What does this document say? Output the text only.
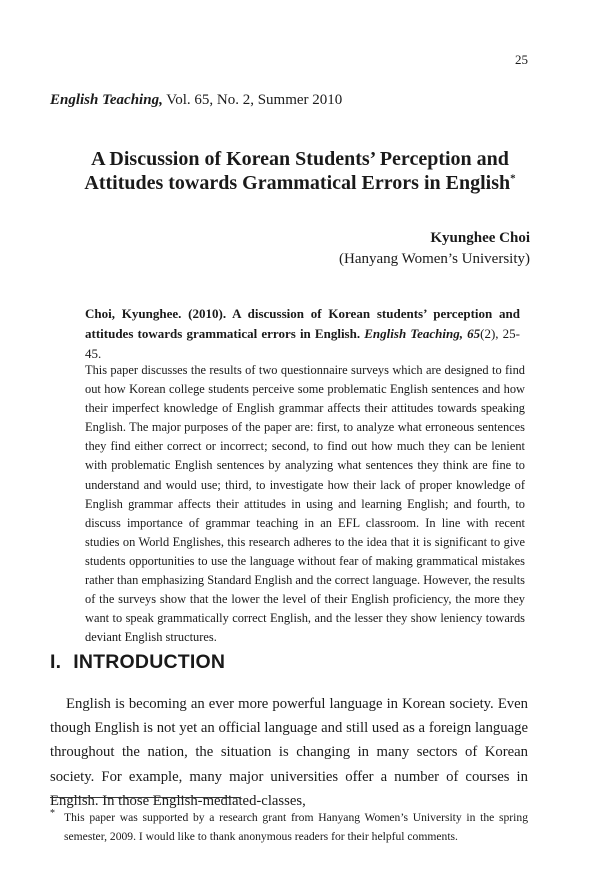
25
English Teaching, Vol. 65, No. 2, Summer 2010
A Discussion of Korean Students’ Perception and
Attitudes towards Grammatical Errors in English*
Kyunghee Choi
(Hanyang Women’s University)
Choi, Kyunghee. (2010). A discussion of Korean students’ perception and attitudes towards grammatical errors in English. English Teaching, 65(2), 25-45.
This paper discusses the results of two questionnaire surveys which are designed to find out how Korean college students perceive some problematic English sentences and how their imperfect knowledge of English grammar affects their attitudes towards speaking English. The major purposes of the paper are: first, to analyze what erroneous sentences they find either correct or incorrect; second, to find out how much they can be lenient with problematic English sentences by analyzing what sentences they think are fine to understand and would use; third, to investigate how their lack of proper knowledge of English grammar affects their attitudes in using and learning English; and fourth, to discuss importance of grammar teaching in an EFL classroom. In line with recent studies on World Englishes, this research adheres to the idea that it is significant to give students opportunities to use the language without fear of making grammatical mistakes rather than emphasizing Standard English and the correct language. However, the results of the surveys show that the lower the level of their English proficiency, the more they want to speak grammatically correct English, and the lesser they show leniency towards deviant English structures.
I. INTRODUCTION
English is becoming an ever more powerful language in Korean society. Even though English is not yet an official language and still used as a foreign language throughout the nation, the situation is changing in many sectors of Korean society. For example, many major universities offer a number of courses in English. In those English-mediated-classes,
* This paper was supported by a research grant from Hanyang Women’s University in the spring semester, 2009. I would like to thank anonymous readers for their helpful comments.
